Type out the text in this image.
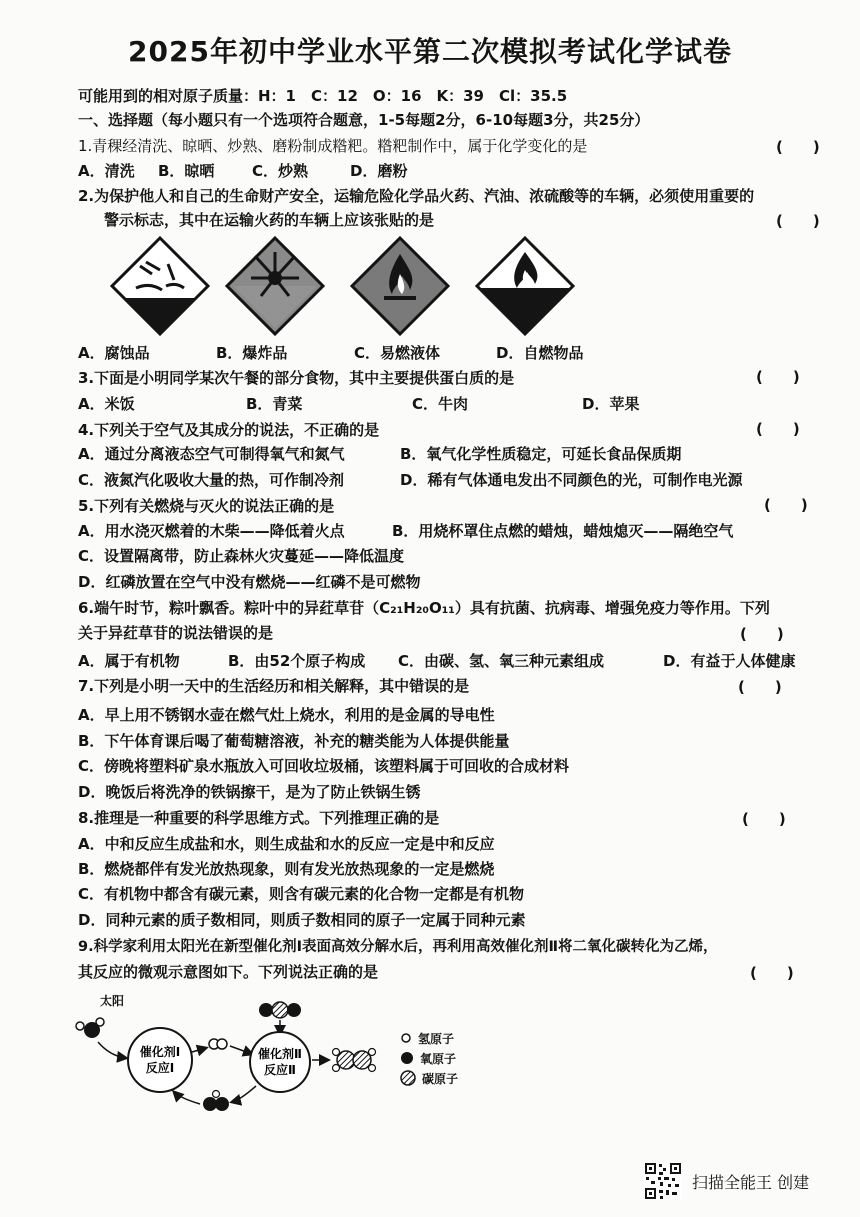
2025年初中学业水平第二次模拟考试化学试卷
可能用到的相对原子质量：H：1　C：12　O：16　K：39　Cl：35.5
一、选择题（每小题只有一个选项符合题意，1-5每题2分，6-10每题3分，共25分）
1.青稞经清洗、晾晒、炒熟、磨粉制成糌粑。糌粑制作中，属于化学变化的是	(　　)
A．清洗 B．晾晒	C．炒熟	D．磨粉
2.为保护他人和自己的生命财产安全，运输危险化学品火药、汽油、浓硫酸等的车辆，必须使用重要的
警示标志，其中在运输火药的车辆上应该张贴的是	(　　)
A．腐蚀品	B．爆炸品	C．易燃液体	D．自燃物品
3.下面是小明同学某次午餐的部分食物，其中主要提供蛋白质的是	(　　)
A．米饭	B．青菜	C．牛肉	D．苹果
4.下列关于空气及其成分的说法，不正确的是	(　　)
A．通过分离液态空气可制得氧气和氮气	B．氧气化学性质稳定，可延长食品保质期
C．液氮汽化吸收大量的热，可作制冷剂	D．稀有气体通电发出不同颜色的光，可制作电光源
5.下列有关燃烧与灭火的说法正确的是	(　　)
A．用水浇灭燃着的木柴——降低着火点	B．用烧杯罩住点燃的蜡烛，蜡烛熄灭——隔绝空气
C．设置隔离带，防止森林火灾蔓延——降低温度
D．红磷放置在空气中没有燃烧——红磷不是可燃物
6.端午时节，粽叶飘香。粽叶中的异荭草苷（C₂₁H₂₀O₁₁）具有抗菌、抗病毒、增强免疫力等作用。下列
关于异荭草苷的说法错误的是	(　　)
A．属于有机物	B．由52个原子构成 C．由碳、氢、氧三种元素组成	D．有益于人体健康
7.下列是小明一天中的生活经历和相关解释，其中错误的是	(　　)
A．早上用不锈钢水壶在燃气灶上烧水，利用的是金属的导电性
B．下午体育课后喝了葡萄糖溶液，补充的糖类能为人体提供能量
C．傍晚将塑料矿泉水瓶放入可回收垃圾桶，该塑料属于可回收的合成材料
D．晚饭后将洗净的铁锅擦干，是为了防止铁锅生锈
8.推理是一种重要的科学思维方式。下列推理正确的是	(　　)
A．中和反应生成盐和水，则生成盐和水的反应一定是中和反应
B．燃烧都伴有发光放热现象，则有发光放热现象的一定是燃烧
C．有机物中都含有碳元素，则含有碳元素的化合物一定都是有机物
D．同种元素的质子数相同，则质子数相同的原子一定属于同种元素
9.科学家利用太阳光在新型催化剂Ⅰ表面高效分解水后，再利用高效催化剂Ⅱ将二氧化碳转化为乙烯，
其反应的微观示意图如下。下列说法正确的是	(　　)
太阳
催化剂Ⅰ
反应Ⅰ
催化剂Ⅱ
反应Ⅱ
氢原子
氧原子
碳原子
扫描全能王 创建
